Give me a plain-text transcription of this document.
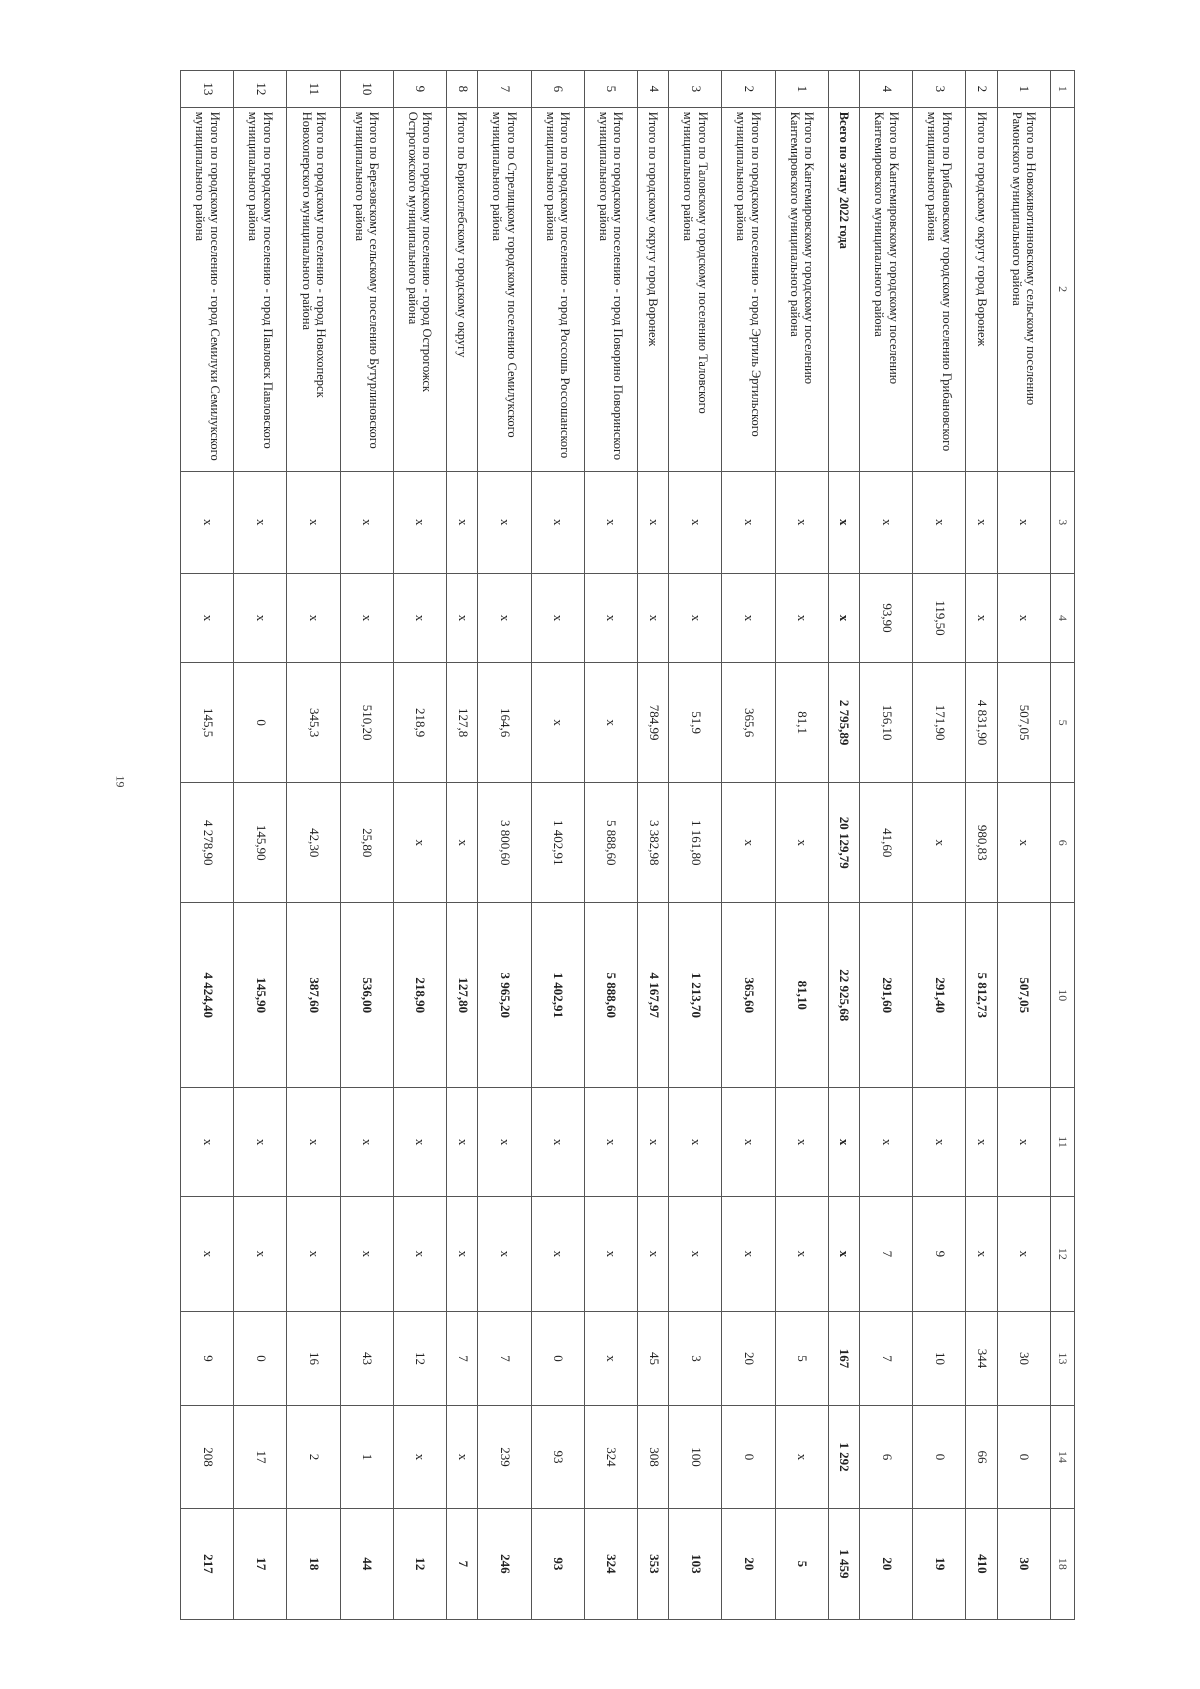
19
1	2	3	4	5	6	10	11	12	13	14	18
1	Итого по Новоживотинновскому сельскому поселению Рамонского муниципального района	x	x	507,05	x	507,05	x	x	30	0	30
2	Итого по городскому округу город Воронеж	x	x	4 831,90	980,83	5 812,73	x	x	344	66	410
3	Итого по Грибановскому городскому поселению Грибановского муниципального района	x	119,50	171,90	x	291,40	x	9	10	0	19
4	Итого по Кантемировскому городскому поселению Кантемировского муниципального района	x	93,90	156,10	41,60	291,60	x	7	7	6	20
	Всего по этапу 2022 года	x	x	2 795,89	20 129,79	22 925,68	x	x	167	1 292	1 459
1	Итого по Кантемировскому городскому поселению Кантемировского муниципального района	x	x	81,1	x	81,10	x	x	5	x	5
2	Итого по городскому поселению - город Эртиль Эртильского муниципального района	x	x	365,6	x	365,60	x	x	20	0	20
3	Итого по Таловскому городскому поселению Таловского муниципального района	x	x	51,9	1 161,80	1 213,70	x	x	3	100	103
4	Итого по городскому округу город Воронеж	x	x	784,99	3 382,98	4 167,97	x	x	45	308	353
5	Итого по городскому поселению - город Поворино Поворинского муниципального района	x	x	x	5 888,60	5 888,60	x	x	x	324	324
6	Итого по городскому поселению - город Россошь Россошанского муниципального района	x	x	x	1 402,91	1 402,91	x	x	0	93	93
7	Итого по Стрелицкому городскому поселению Семилукского муниципального района	x	x	164,6	3 800,60	3 965,20	x	x	7	239	246
8	Итого по Борисоглебскому городскому округу	x	x	127,8	x	127,80	x	x	7	x	7
9	Итого по городскому поселению - город Острогожск Острогожского муниципального района	x	x	218,9	x	218,90	x	x	12	x	12
10	Итого по Березовскому сельскому поселению Бутурлиновского муниципального района	x	x	510,20	25,80	536,00	x	x	43	1	44
11	Итого по городскому поселению - город Новохоперск Новохоперского муниципального района	x	x	345,3	42,30	387,60	x	x	16	2	18
12	Итого по городскому поселению - город Павловск Павловского муниципального района	x	x	0	145,90	145,90	x	x	0	17	17
13	Итого по городскому поселению - город Семилуки Семилукского муниципального района	x	x	145,5	4 278,90	4 424,40	x	x	9	208	217
